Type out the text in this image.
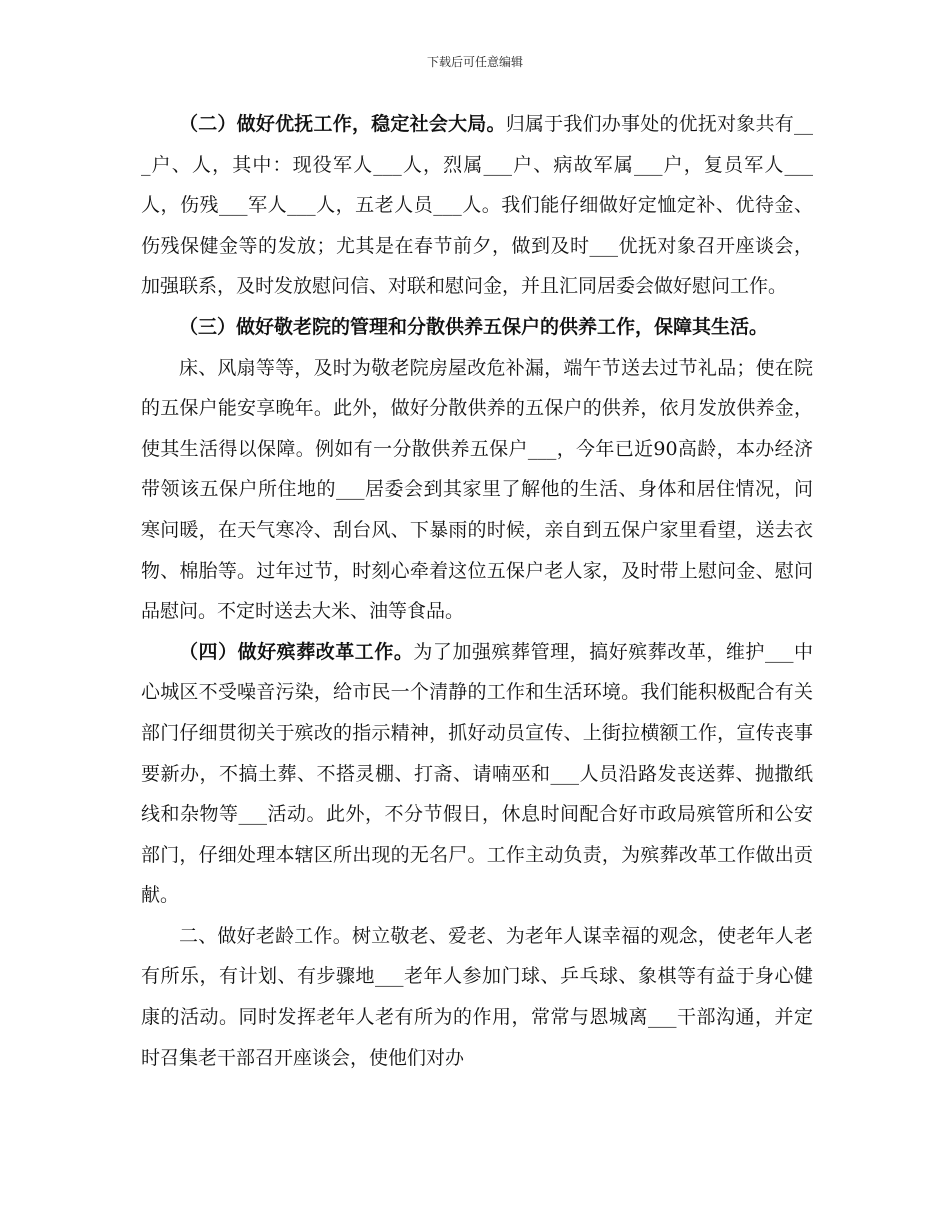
下载后可任意编辑

（二）做好优抚工作，稳定社会大局。归属于我们办事处的优抚对象共有___户、人，其中：现役军人___人，烈属___户、病故军属___户，复员军人___人，伤残___军人___人，五老人员___人。我们能仔细做好定恤定补、优待金、伤残保健金等的发放；尤其是在春节前夕，做到及时___优抚对象召开座谈会，加强联系，及时发放慰问信、对联和慰问金，并且汇同居委会做好慰问工作。

（三）做好敬老院的管理和分散供养五保户的供养工作，保障其生活。

床、风扇等等，及时为敬老院房屋改危补漏，端午节送去过节礼品；使在院的五保户能安享晚年。此外，做好分散供养的五保户的供养，依月发放供养金，使其生活得以保障。例如有一分散供养五保户___，今年已近90高龄，本办经济带领该五保户所住地的___居委会到其家里了解他的生活、身体和居住情况，问寒问暖，在天气寒冷、刮台风、下暴雨的时候，亲自到五保户家里看望，送去衣物、棉胎等。过年过节，时刻心牵着这位五保户老人家，及时带上慰问金、慰问品慰问。不定时送去大米、油等食品。

（四）做好殡葬改革工作。为了加强殡葬管理，搞好殡葬改革，维护___中心城区不受噪音污染，给市民一个清静的工作和生活环境。我们能积极配合有关部门仔细贯彻关于殡改的指示精神，抓好动员宣传、上街拉横额工作，宣传丧事要新办，不搞土葬、不搭灵棚、打斋、请喃巫和___人员沿路发丧送葬、抛撒纸线和杂物等___活动。此外，不分节假日，休息时间配合好市政局殡管所和公安部门，仔细处理本辖区所出现的无名尸。工作主动负责，为殡葬改革工作做出贡献。

二、做好老龄工作。树立敬老、爱老、为老年人谋幸福的观念，使老年人老有所乐，有计划、有步骤地___老年人参加门球、乒乓球、象棋等有益于身心健康的活动。同时发挥老年人老有所为的作用，常常与恩城离___干部沟通，并定时召集老干部召开座谈会，使他们对办
